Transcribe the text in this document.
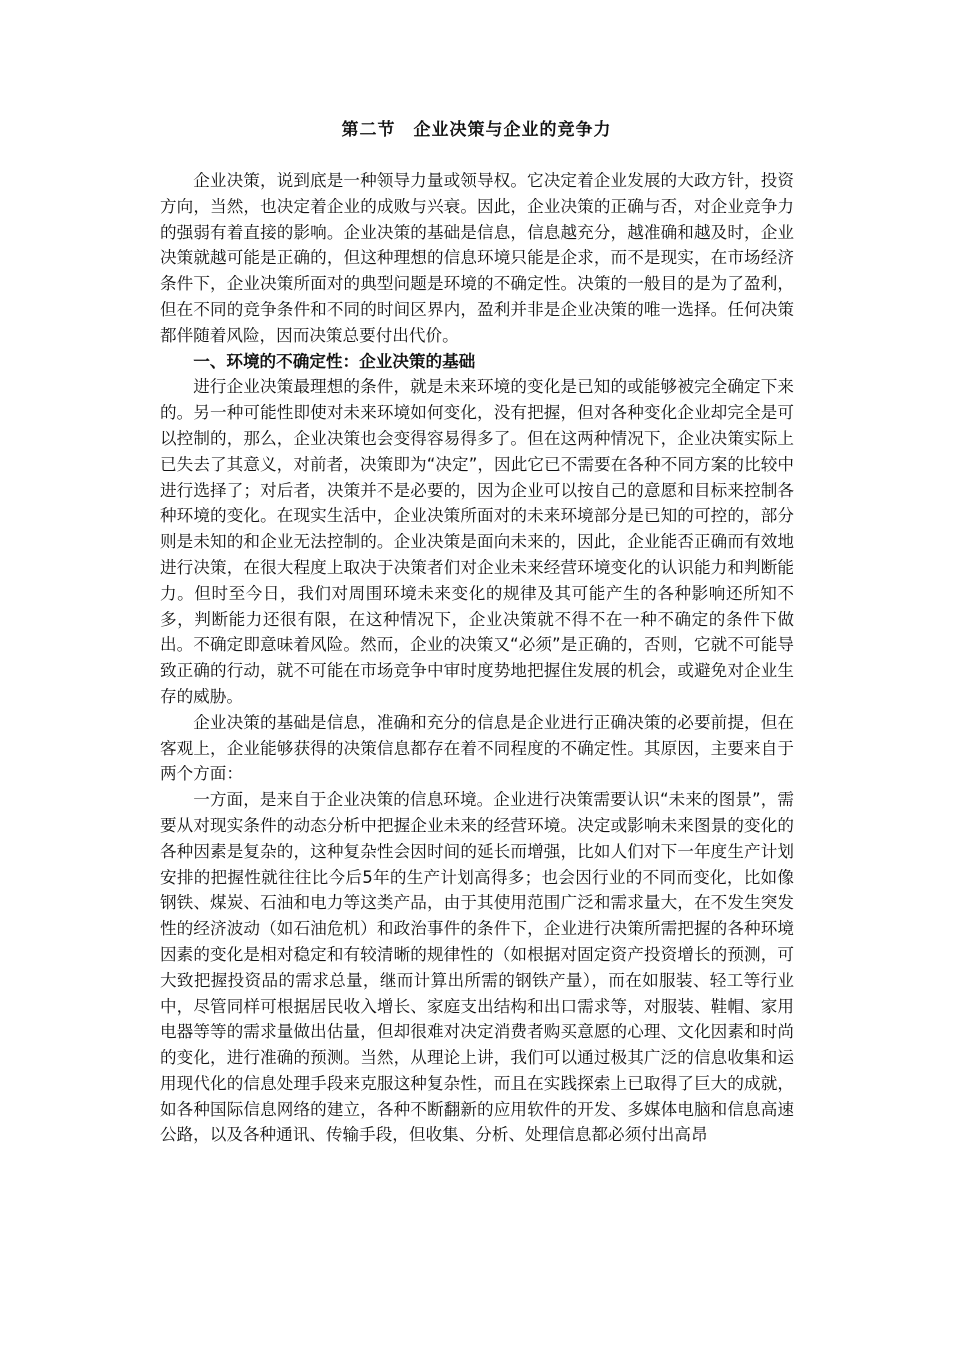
第二节　企业决策与企业的竞争力

企业决策，说到底是一种领导力量或领导权。它决定着企业发展的大政方针，投资方向，当然，也决定着企业的成败与兴衰。因此，企业决策的正确与否，对企业竞争力的强弱有着直接的影响。企业决策的基础是信息，信息越充分，越准确和越及时，企业决策就越可能是正确的，但这种理想的信息环境只能是企求，而不是现实，在市场经济条件下，企业决策所面对的典型问题是环境的不确定性。决策的一般目的是为了盈利，但在不同的竞争条件和不同的时间区界内，盈利并非是企业决策的唯一选择。任何决策都伴随着风险，因而决策总要付出代价。

一、环境的不确定性：企业决策的基础

进行企业决策最理想的条件，就是未来环境的变化是已知的或能够被完全确定下来的。另一种可能性即使对未来环境如何变化，没有把握，但对各种变化企业却完全是可以控制的，那么，企业决策也会变得容易得多了。但在这两种情况下，企业决策实际上已失去了其意义，对前者，决策即为“决定”，因此它已不需要在各种不同方案的比较中进行选择了；对后者，决策并不是必要的，因为企业可以按自己的意愿和目标来控制各种环境的变化。在现实生活中，企业决策所面对的未来环境部分是已知的可控的，部分则是未知的和企业无法控制的。企业决策是面向未来的，因此，企业能否正确而有效地进行决策，在很大程度上取决于决策者们对企业未来经营环境变化的认识能力和判断能力。但时至今日，我们对周围环境未来变化的规律及其可能产生的各种影响还所知不多，判断能力还很有限，在这种情况下，企业决策就不得不在一种不确定的条件下做出。不确定即意味着风险。然而，企业的决策又“必须”是正确的，否则，它就不可能导致正确的行动，就不可能在市场竞争中审时度势地把握住发展的机会，或避免对企业生存的威胁。

企业决策的基础是信息，准确和充分的信息是企业进行正确决策的必要前提，但在客观上，企业能够获得的决策信息都存在着不同程度的不确定性。其原因，主要来自于两个方面：

一方面，是来自于企业决策的信息环境。企业进行决策需要认识“未来的图景”，需要从对现实条件的动态分析中把握企业未来的经营环境。决定或影响未来图景的变化的各种因素是复杂的，这种复杂性会因时间的延长而增强，比如人们对下一年度生产计划安排的把握性就往往比今后5年的生产计划高得多；也会因行业的不同而变化，比如像钢铁、煤炭、石油和电力等这类产品，由于其使用范围广泛和需求量大，在不发生突发性的经济波动（如石油危机）和政治事件的条件下，企业进行决策所需把握的各种环境因素的变化是相对稳定和有较清晰的规律性的（如根据对固定资产投资增长的预测，可大致把握投资品的需求总量，继而计算出所需的钢铁产量），而在如服装、轻工等行业中，尽管同样可根据居民收入增长、家庭支出结构和出口需求等，对服装、鞋帽、家用电器等等的需求量做出估量，但却很难对决定消费者购买意愿的心理、文化因素和时尚的变化，进行准确的预测。当然，从理论上讲，我们可以通过极其广泛的信息收集和运用现代化的信息处理手段来克服这种复杂性，而且在实践探索上已取得了巨大的成就，如各种国际信息网络的建立，各种不断翻新的应用软件的开发、多媒体电脑和信息高速公路，以及各种通讯、传输手段，但收集、分析、处理信息都必须付出高昂
